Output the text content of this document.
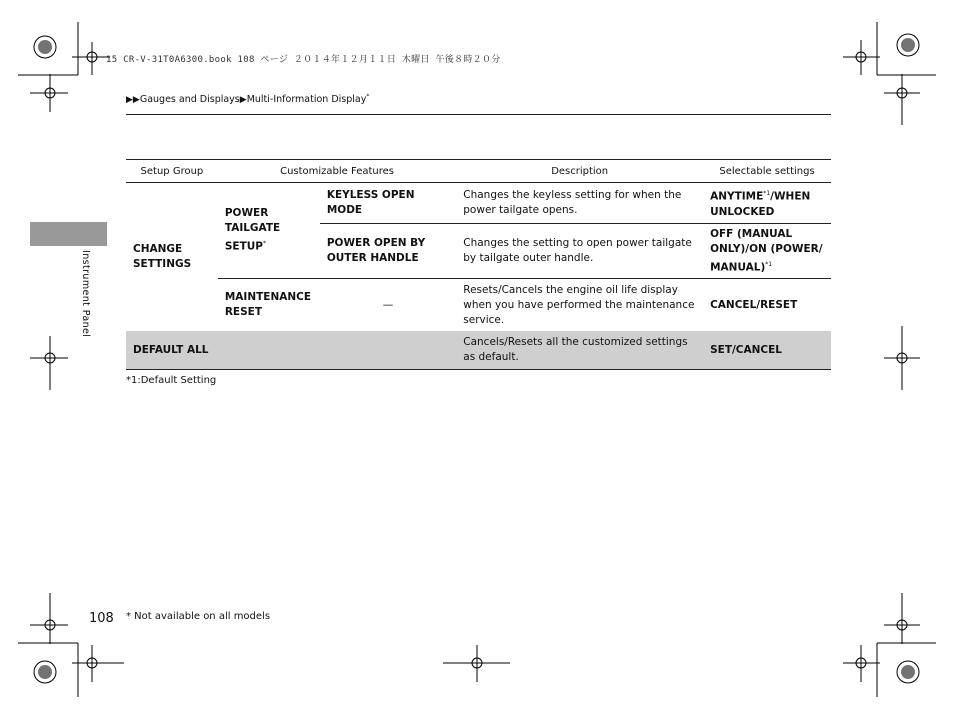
15 CR-V-31T0A6300.book 108 ページ ２０１４年１２月１１日 木曜日 午後８時２０分
▶▶Gauges and Displays▶Multi-Information Display*
Instrument Panel
Setup Group	Customizable Features		Description	Selectable settings
CHANGE SETTINGS	POWER TAILGATE SETUP*	KEYLESS OPEN MODE	Changes the keyless setting for when the power tailgate opens.	ANYTIME$^{*1}$/WHEN UNLOCKED
		POWER OPEN BY OUTER HANDLE	Changes the setting to open power tailgate by tailgate outer handle.	OFF (MANUAL ONLY)/ON (POWER/ MANUAL)$^{*1}$
	MAINTENANCE RESET	—	Resets/Cancels the engine oil life display when you have performed the maintenance service.	CANCEL/RESET
DEFAULT ALL			Cancels/Resets all the customized settings as default.	SET/CANCEL
*1:Default Setting
108 * Not available on all models
